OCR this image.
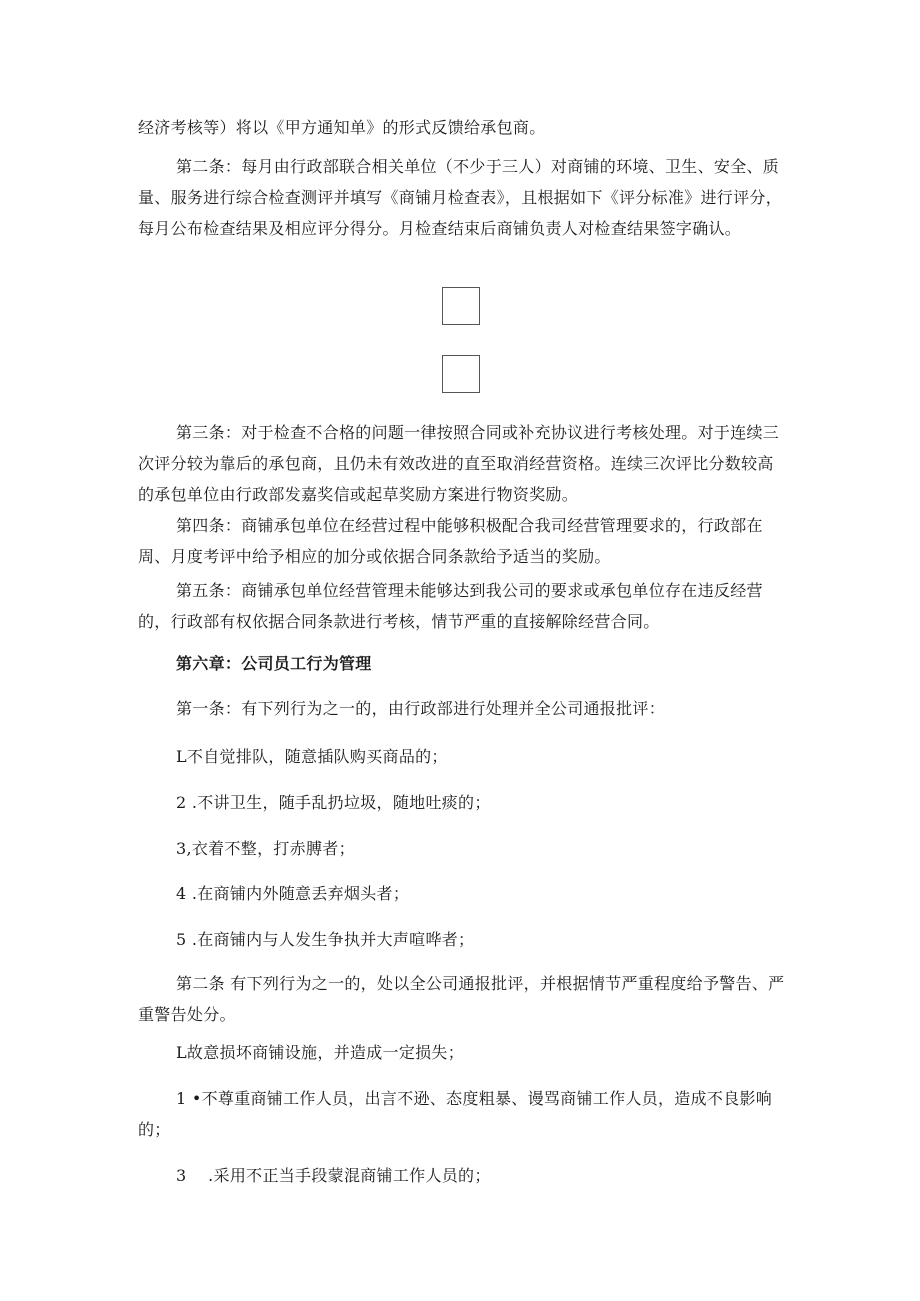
经济考核等）将以《甲方通知单》的形式反馈给承包商。

第二条：每月由行政部联合相关单位（不少于三人）对商铺的环境、卫生、安全、质量、服务进行综合检查测评并填写《商铺月检查表》，且根据如下《评分标准》进行评分，每月公布检查结果及相应评分得分。月检查结束后商铺负责人对检查结果签字确认。

第三条：对于检查不合格的问题一律按照合同或补充协议进行考核处理。对于连续三次评分较为靠后的承包商，且仍未有效改进的直至取消经营资格。连续三次评比分数较高的承包单位由行政部发嘉奖信或起草奖励方案进行物资奖励。

第四条：商铺承包单位在经营过程中能够积极配合我司经营管理要求的，行政部在周、月度考评中给予相应的加分或依据合同条款给予适当的奖励。

第五条：商铺承包单位经营管理未能够达到我公司的要求或承包单位存在违反经营的，行政部有权依据合同条款进行考核，情节严重的直接解除经营合同。

第六章：公司员工行为管理

第一条：有下列行为之一的，由行政部进行处理并全公司通报批评：

L不自觉排队，随意插队购买商品的；

2 .不讲卫生，随手乱扔垃圾，随地吐痰的；

3,衣着不整，打赤膊者；

4 .在商铺内外随意丢弃烟头者；

5 .在商铺内与人发生争执并大声喧哗者；

第二条 有下列行为之一的，处以全公司通报批评，并根据情节严重程度给予警告、严重警告处分。

L故意损坏商铺设施，并造成一定损失；

1 •不尊重商铺工作人员，出言不逊、态度粗暴、谩骂商铺工作人员，造成不良影响的；

3　 .采用不正当手段蒙混商铺工作人员的；
